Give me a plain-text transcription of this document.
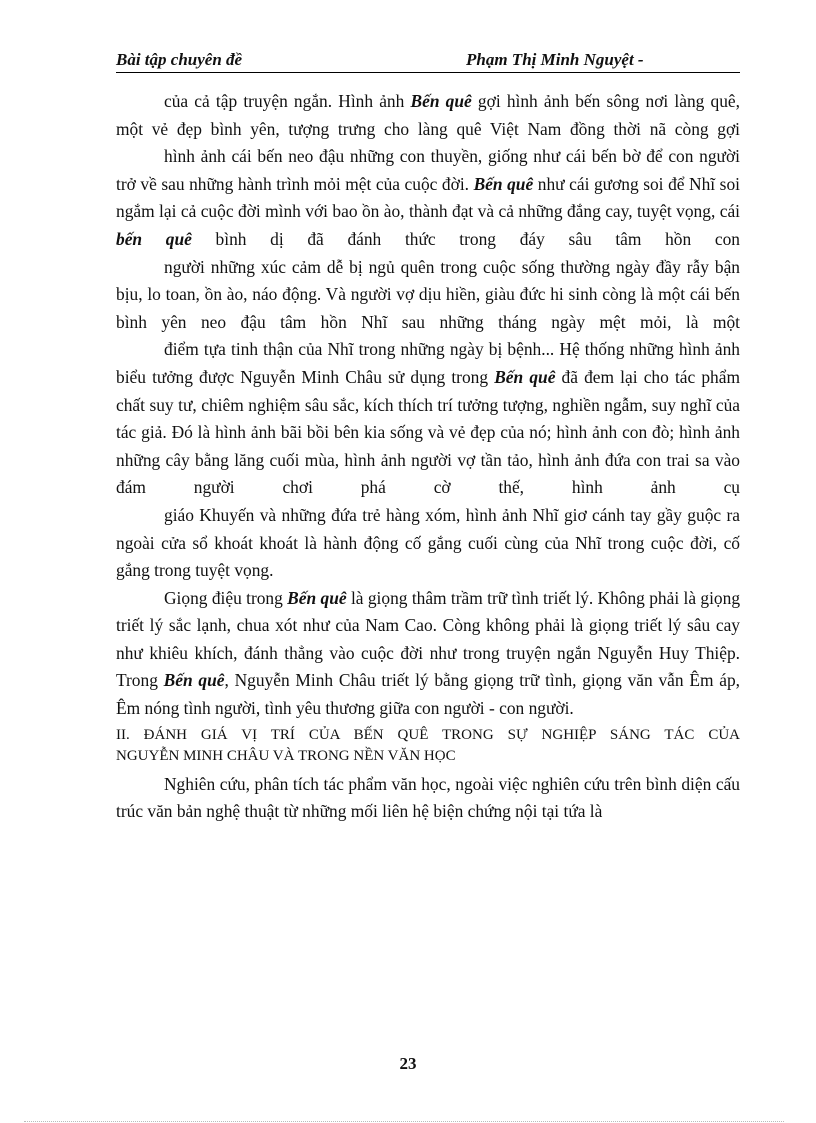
Bài tập chuyên đề	Phạm Thị Minh Nguyệt -

của cả tập truyện ngắn. Hình ảnh Bến quê gợi hình ảnh bến sông nơi làng quê, một vẻ đẹp bình yên, tượng trưng cho làng quê Việt Nam đồng thời nã còng gợi

hình ảnh cái bến neo đậu những con thuyền, giống như cái bến bờ để con người trở về sau những hành trình mỏi mệt của cuộc đời. Bến quê như cái gương soi để Nhĩ soi ngắm lại cả cuộc đời mình với bao ồn ào, thành đạt và cả những đắng cay, tuyệt vọng, cái bến quê bình dị đã đánh thức trong đáy sâu tâm hồn con

người những xúc cảm dễ bị ngủ quên trong cuộc sống thường ngày đầy rẫy bận bịu, lo toan, ồn ào, náo động. Và người vợ dịu hiền, giàu đức hi sinh còng là một cái bến bình yên neo đậu tâm hồn Nhĩ sau những tháng ngày mệt mỏi, là một

điểm tựa tinh thận của Nhĩ trong những ngày bị bệnh... Hệ thống những hình ảnh biểu tưởng được Nguyễn Minh Châu sử dụng trong Bến quê đã đem lại cho tác phẩm chất suy tư, chiêm nghiệm sâu sắc, kích thích trí tưởng tượng, nghiền ngẫm, suy nghĩ của tác giả. Đó là hình ảnh bãi bồi bên kia sống và vẻ đẹp của nó; hình ảnh con đò; hình ảnh những cây bằng lăng cuối mùa, hình ảnh người vợ tần tảo, hình ảnh đứa con trai sa vào đám người chơi phá cờ thế, hình ảnh cụ

giáo Khuyến và những đứa trẻ hàng xóm, hình ảnh Nhĩ giơ cánh tay gầy guộc ra ngoài cửa sổ khoát khoát là hành động cố gắng cuối cùng của Nhĩ trong cuộc đời, cố gắng trong tuyệt vọng.

Giọng điệu trong Bến quê là giọng thâm trầm trữ tình triết lý. Không phải là giọng triết lý sắc lạnh, chua xót như của Nam Cao. Còng không phải là giọng triết lý sâu cay như khiêu khích, đánh thẳng vào cuộc đời như trong truyện ngắn Nguyễn Huy Thiệp. Trong Bến quê, Nguyễn Minh Châu triết lý bằng giọng trữ tình, giọng văn vẫn Êm áp, Êm nóng tình người, tình yêu thương giữa con người - con người.

II. ĐÁNH GIÁ VỊ TRÍ CỦA BẾN QUÊ TRONG SỰ NGHIỆP SÁNG TÁC CỦA
NGUYỄN MINH CHÂU VÀ TRONG NỀN VĂN HỌC

Nghiên cứu, phân tích tác phẩm văn học, ngoài việc nghiên cứu trên bình diện cấu trúc văn bản nghệ thuật từ những mối liên hệ biện chứng nội tại tứa là

23
